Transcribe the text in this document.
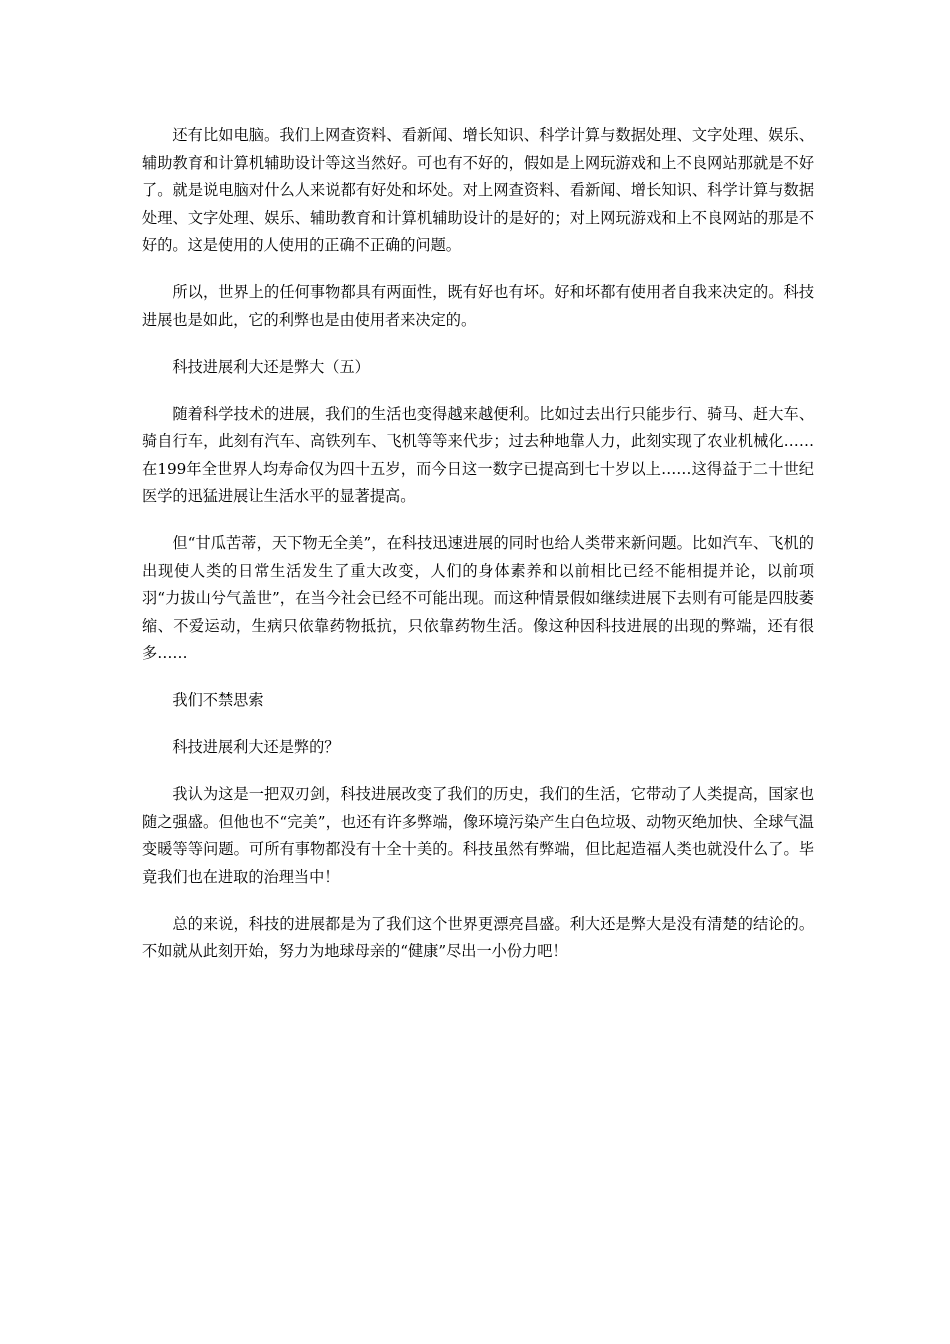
还有比如电脑。我们上网查资料、看新闻、增长知识、科学计算与数据处理、文字处理、娱乐、辅助教育和计算机辅助设计等这当然好。可也有不好的，假如是上网玩游戏和上不良网站那就是不好了。就是说电脑对什么人来说都有好处和坏处。对上网查资料、看新闻、增长知识、科学计算与数据处理、文字处理、娱乐、辅助教育和计算机辅助设计的是好的；对上网玩游戏和上不良网站的那是不好的。这是使用的人使用的正确不正确的问题。

所以，世界上的任何事物都具有两面性，既有好也有坏。好和坏都有使用者自我来决定的。科技进展也是如此，它的利弊也是由使用者来决定的。

科技进展利大还是弊大（五）

随着科学技术的进展，我们的生活也变得越来越便利。比如过去出行只能步行、骑马、赶大车、骑自行车，此刻有汽车、高铁列车、飞机等等来代步；过去种地靠人力，此刻实现了农业机械化……在199年全世界人均寿命仅为四十五岁，而今日这一数字已提高到七十岁以上……这得益于二十世纪医学的迅猛进展让生活水平的显著提高。

但“甘瓜苦蒂，天下物无全美”，在科技迅速进展的同时也给人类带来新问题。比如汽车、飞机的出现使人类的日常生活发生了重大改变，人们的身体素养和以前相比已经不能相提并论，以前项羽“力拔山兮气盖世”，在当今社会已经不可能出现。而这种情景假如继续进展下去则有可能是四肢萎缩、不爱运动，生病只依靠药物抵抗，只依靠药物生活。像这种因科技进展的出现的弊端，还有很多……

我们不禁思索

科技进展利大还是弊的？

我认为这是一把双刃剑，科技进展改变了我们的历史，我们的生活，它带动了人类提高，国家也随之强盛。但他也不“完美”，也还有许多弊端，像环境污染产生白色垃圾、动物灭绝加快、全球气温变暖等等问题。可所有事物都没有十全十美的。科技虽然有弊端，但比起造福人类也就没什么了。毕竟我们也在进取的治理当中！

总的来说，科技的进展都是为了我们这个世界更漂亮昌盛。利大还是弊大是没有清楚的结论的。不如就从此刻开始，努力为地球母亲的“健康”尽出一小份力吧！
